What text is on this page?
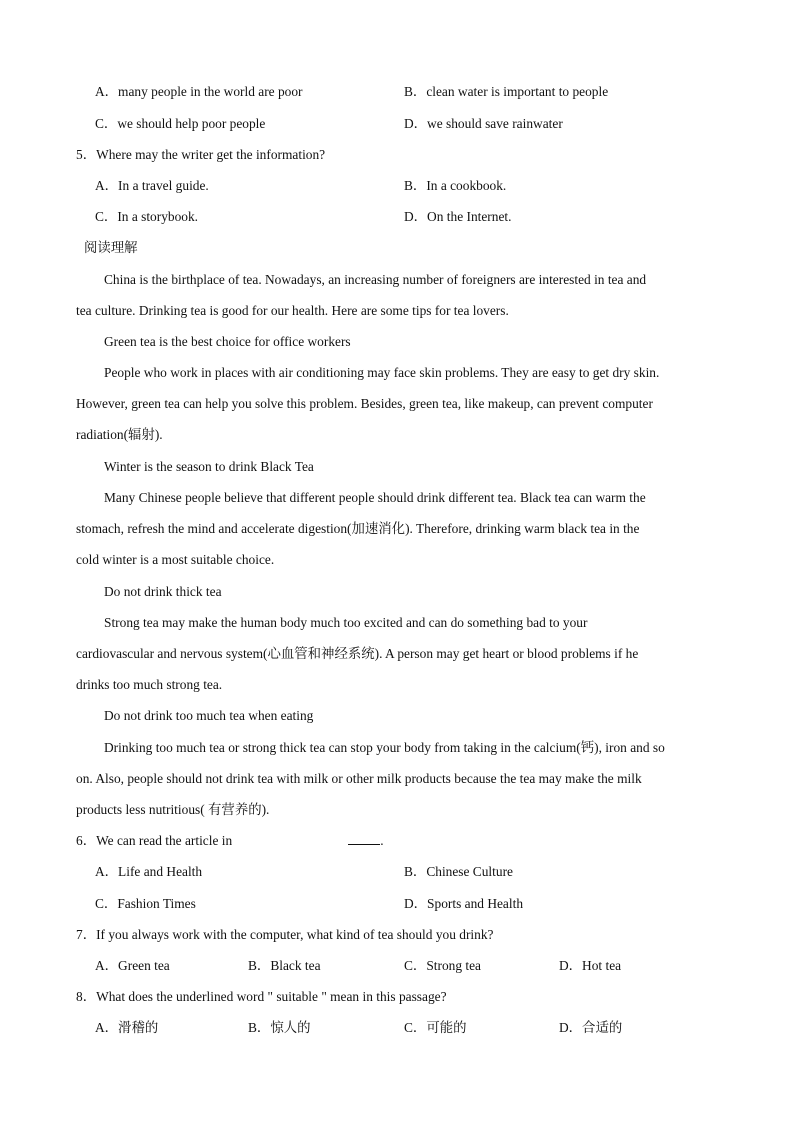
A．many people in the world are poor	B．clean water is important to people
C．we should help poor people	D．we should save rainwater
5．Where may the writer get the information?
A．In a travel guide.	B．In a cookbook.
C．In a storybook.	D．On the Internet.
阅读理解
China is the birthplace of tea. Nowadays, an increasing number of foreigners are interested in tea and
tea culture. Drinking tea is good for our health. Here are some tips for tea lovers.
Green tea is the best choice for office workers
People who work in places with air conditioning may face skin problems. They are easy to get dry skin.
However, green tea can help you solve this problem. Besides, green tea, like makeup, can prevent computer
radiation(辐射).
Winter is the season to drink Black Tea
Many Chinese people believe that different people should drink different tea. Black tea can warm the
stomach, refresh the mind and accelerate digestion(加速消化). Therefore, drinking warm black tea in the
cold winter is a most suitable choice.
Do not drink thick tea
Strong tea may make the human body much too excited and can do something bad to your
cardiovascular and nervous system(心血管和神经系统). A person may get heart or blood problems if he
drinks too much strong tea.
Do not drink too much tea when eating
Drinking too much tea or strong thick tea can stop your body from taking in the calcium(钙), iron and so
on. Also, people should not drink tea with milk or other milk products because the tea may make the milk
products less nutritious( 有营养的).
6．We can read the article in	.
A．Life and Health	B．Chinese Culture
C．Fashion Times	D．Sports and Health
7．If you always work with the computer, what kind of tea should you drink?
A．Green tea	B．Black tea	C．Strong tea	D．Hot tea
8．What does the underlined word " suitable " mean in this passage?
A．滑稽的	B．惊人的	C．可能的	D．合适的
